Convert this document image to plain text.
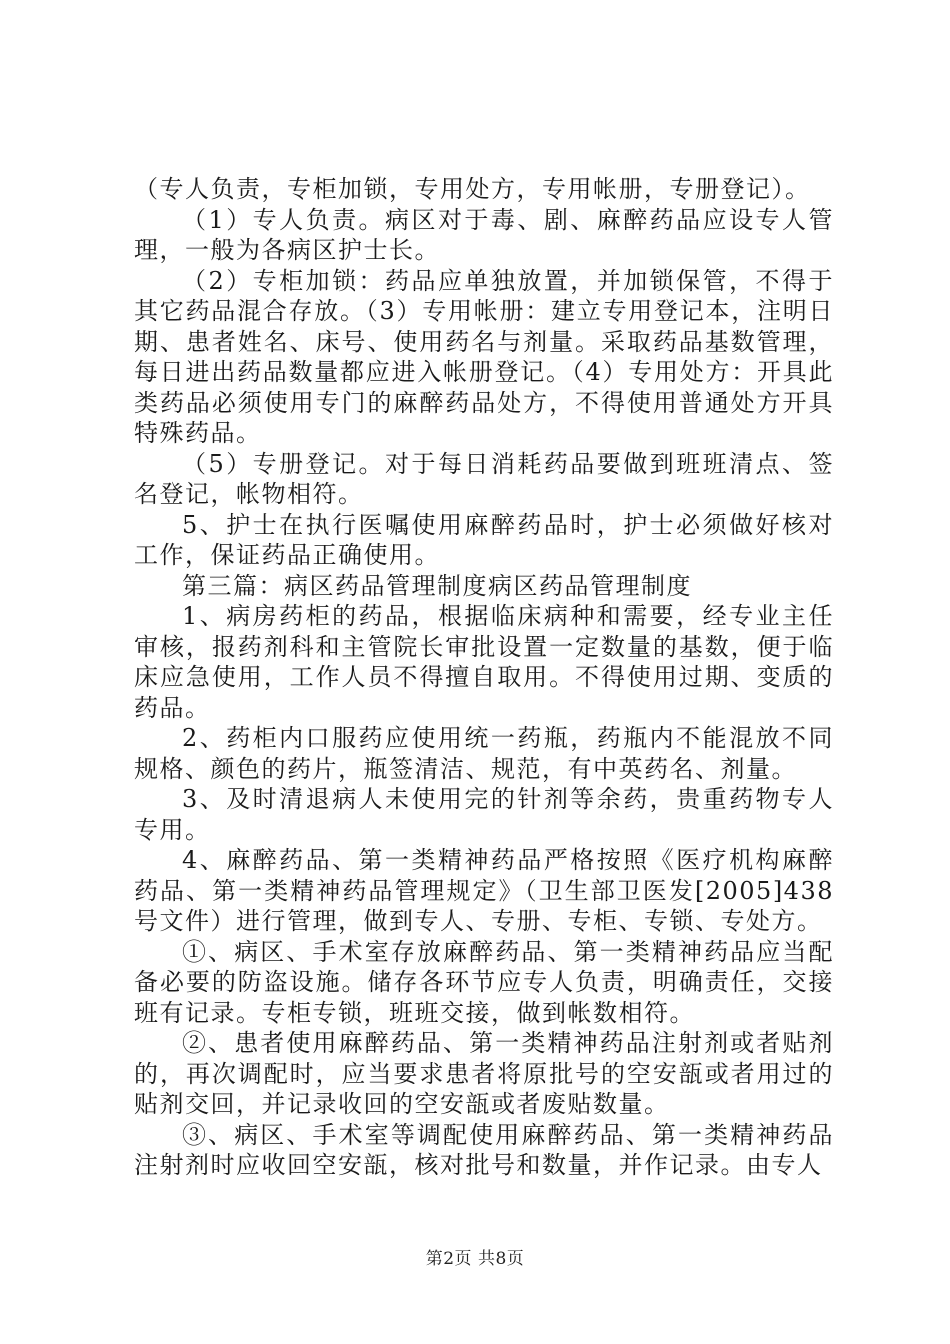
（专人负责，专柜加锁，专用处方，专用帐册，专册登记）。

（1）专人负责。病区对于毒、剧、麻醉药品应设专人管理，一般为各病区护士长。

（2）专柜加锁：药品应单独放置，并加锁保管，不得于其它药品混合存放。（3）专用帐册：建立专用登记本，注明日期、患者姓名、床号、使用药名与剂量。采取药品基数管理，每日进出药品数量都应进入帐册登记。（4）专用处方：开具此类药品必须使用专门的麻醉药品处方，不得使用普通处方开具特殊药品。

（5）专册登记。对于每日消耗药品要做到班班清点、签名登记，帐物相符。

5、护士在执行医嘱使用麻醉药品时，护士必须做好核对工作，保证药品正确使用。

第三篇：病区药品管理制度病区药品管理制度

1、病房药柜的药品，根据临床病种和需要，经专业主任审核，报药剂科和主管院长审批设置一定数量的基数，便于临床应急使用，工作人员不得擅自取用。不得使用过期、变质的药品。

2、药柜内口服药应使用统一药瓶，药瓶内不能混放不同规格、颜色的药片，瓶签清洁、规范，有中英药名、剂量。

3、及时清退病人未使用完的针剂等余药，贵重药物专人专用。

4、麻醉药品、第一类精神药品严格按照《医疗机构麻醉药品、第一类精神药品管理规定》（卫生部卫医发[2005]438号文件）进行管理，做到专人、专册、专柜、专锁、专处方。

①、病区、手术室存放麻醉药品、第一类精神药品应当配备必要的防盗设施。储存各环节应专人负责，明确责任，交接班有记录。专柜专锁，班班交接，做到帐数相符。

②、患者使用麻醉药品、第一类精神药品注射剂或者贴剂的，再次调配时，应当要求患者将原批号的空安瓿或者用过的贴剂交回，并记录收回的空安瓿或者废贴数量。

③、病区、手术室等调配使用麻醉药品、第一类精神药品注射剂时应收回空安瓿，核对批号和数量，并作记录。由专人

第2页 共8页
